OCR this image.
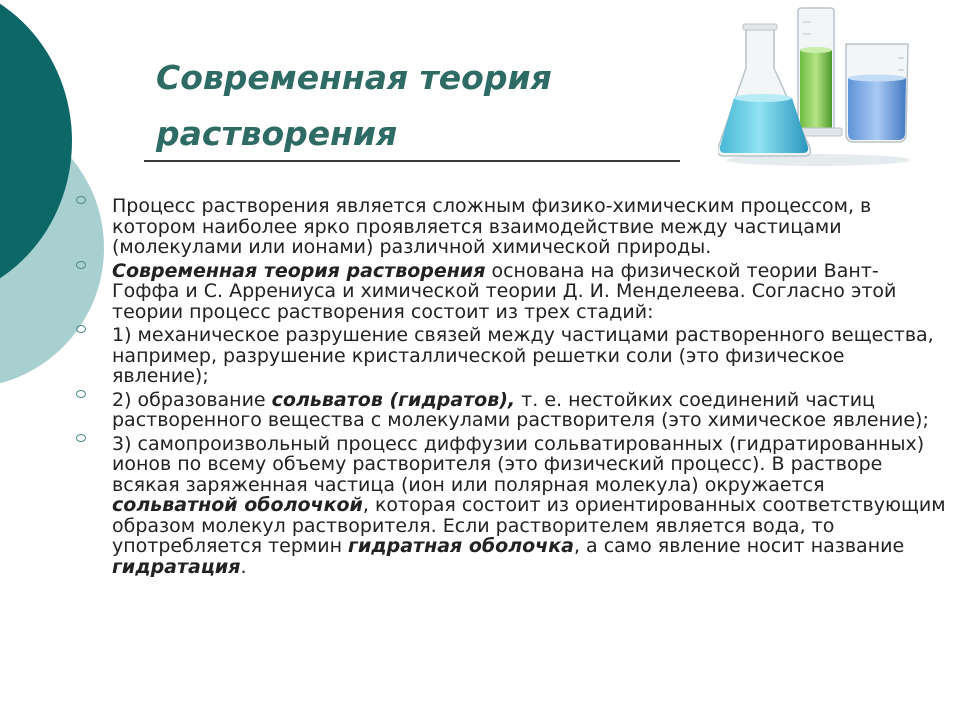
Современная теория растворения
Процесс растворения является сложным физико-химическим процессом, в котором наиболее ярко проявляется взаимодействие между частицами (молекулами или ионами) различной химической природы.
Современная теория растворения основана на физической теории Вант-Гоффа и С. Аррениуса и химической теории Д. И. Менделеева. Согласно этой теории процесс растворения состоит из трех стадий:
1) механическое разрушение связей между частицами растворенного вещества, например, разрушение кристаллической решетки соли (это физическое явление);
2) образование сольватов (гидратов), т. е. нестойких соединений частиц растворенного вещества с молекулами растворителя (это химическое явление);
3) самопроизвольный процесс диффузии сольватированных (гидратированных) ионов по всему объему растворителя (это физический процесс). В растворе всякая заряженная частица (ион или полярная молекула) окружается сольватной оболочкой, которая состоит из ориентированных соответствующим образом молекул растворителя. Если растворителем является вода, то употребляется термин гидратная оболочка, а само явление носит название гидратация.
